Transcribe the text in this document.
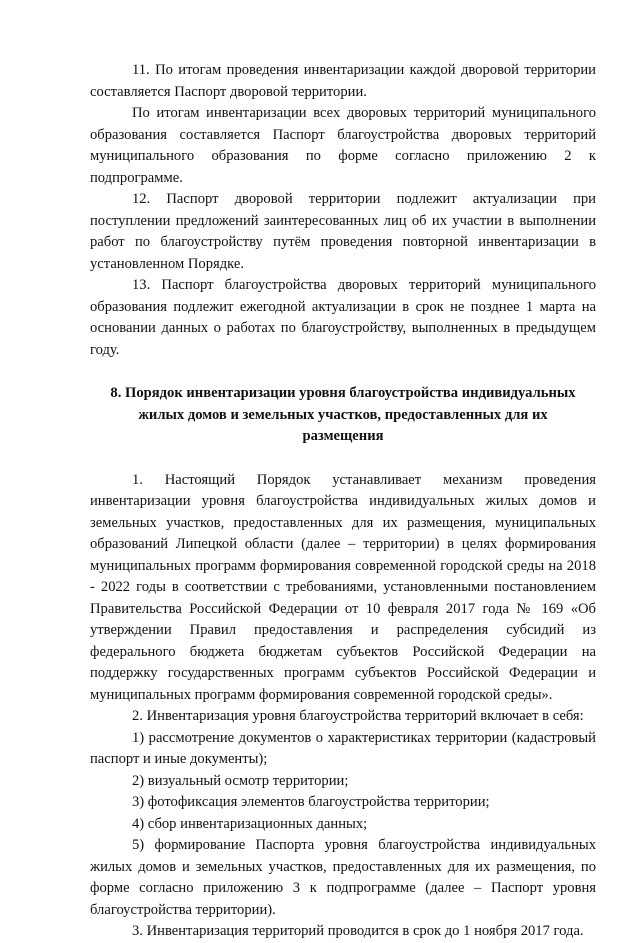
11. По итогам проведения инвентаризации каждой дворовой территории составляется Паспорт дворовой территории.

По итогам инвентаризации всех дворовых территорий муниципального образования составляется Паспорт благоустройства дворовых территорий муниципального образования по форме согласно приложению 2 к подпрограмме.

12. Паспорт дворовой территории подлежит актуализации при поступлении предложений заинтересованных лиц об их участии в выполнении работ по благоустройству путём проведения повторной инвентаризации в установленном Порядке.

13. Паспорт благоустройства дворовых территорий муниципального образования подлежит ежегодной актуализации в срок не позднее 1 марта на основании данных о работах по благоустройству, выполненных в предыдущем году.

8. Порядок инвентаризации уровня благоустройства индивидуальных жилых домов и земельных участков, предоставленных для их размещения

1. Настоящий Порядок устанавливает механизм проведения инвентаризации уровня благоустройства индивидуальных жилых домов и земельных участков, предоставленных для их размещения, муниципальных образований Липецкой области (далее – территории) в целях формирования муниципальных программ формирования современной городской среды на 2018 - 2022 годы в соответствии с требованиями, установленными постановлением Правительства Российской Федерации от 10 февраля 2017 года № 169 «Об утверждении Правил предоставления и распределения субсидий из федерального бюджета бюджетам субъектов Российской Федерации на поддержку государственных программ субъектов Российской Федерации и муниципальных программ формирования современной городской среды».

2. Инвентаризация уровня благоустройства территорий включает в себя:

1) рассмотрение документов о характеристиках территории (кадастровый паспорт и иные документы);

2) визуальный осмотр территории;

3) фотофиксация элементов благоустройства территории;

4) сбор инвентаризационных данных;

5) формирование Паспорта уровня благоустройства индивидуальных жилых домов и земельных участков, предоставленных для их размещения, по форме согласно приложению 3 к подпрограмме (далее – Паспорт уровня благоустройства территории).

3. Инвентаризация территорий проводится в срок до 1 ноября 2017 года.
